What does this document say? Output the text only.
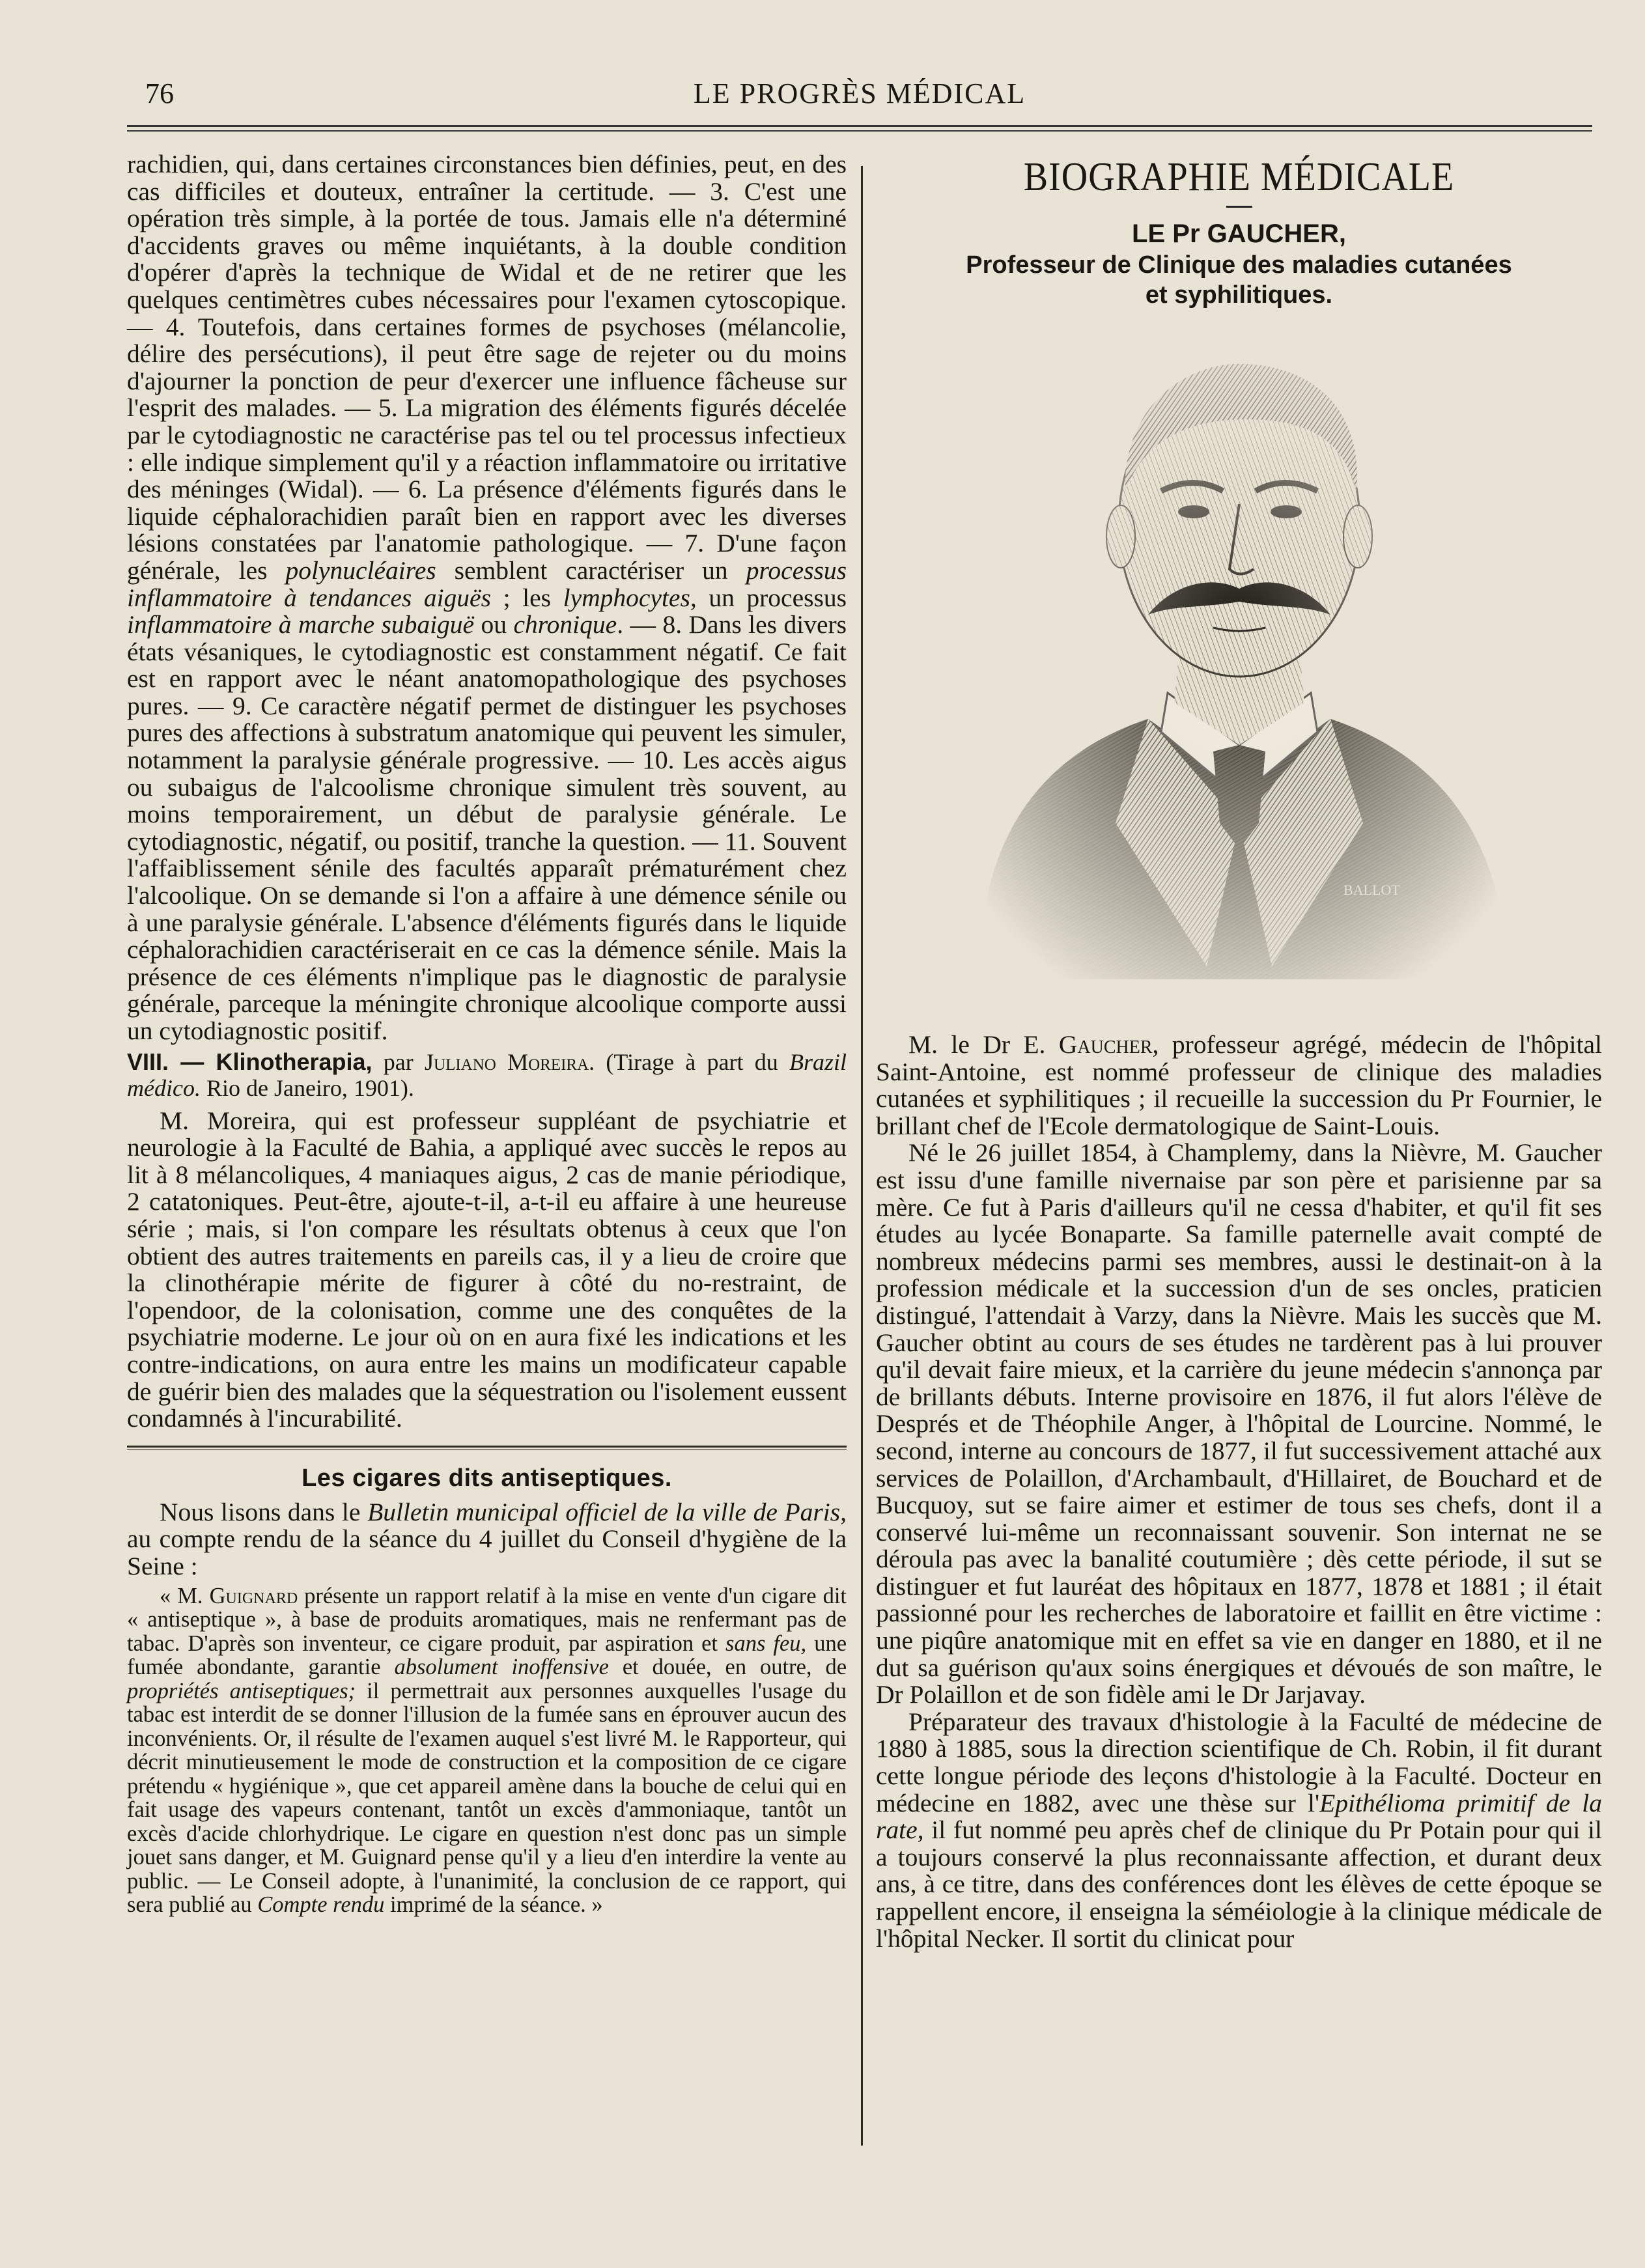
76	LE PROGRÈS MÉDICAL

rachidien, qui, dans certaines circonstances bien définies, peut, en des cas difficiles et douteux, entraîner la certitude. — 3. C'est une opération très simple, à la portée de tous. Jamais elle n'a déterminé d'accidents graves ou même inquiétants, à la double condition d'opérer d'après la technique de Widal et de ne retirer que les quelques centimètres cubes nécessaires pour l'examen cytoscopique. — 4. Toutefois, dans certaines formes de psychoses (mélancolie, délire des persécutions), il peut être sage de rejeter ou du moins d'ajourner la ponction de peur d'exercer une influence fâcheuse sur l'esprit des malades. — 5. La migration des éléments figurés décelée par le cytodiagnostic ne caractérise pas tel ou tel processus infectieux : elle indique simplement qu'il y a réaction inflammatoire ou irritative des méninges (Widal). — 6. La présence d'éléments figurés dans le liquide céphalorachidien paraît bien en rapport avec les diverses lésions constatées par l'anatomie pathologique. — 7. D'une façon générale, les polynucléaires semblent caractériser un processus inflammatoire à tendances aiguës ; les lymphocytes, un processus inflammatoire à marche subaiguë ou chronique. — 8. Dans les divers états vésaniques, le cytodiagnostic est constamment négatif. Ce fait est en rapport avec le néant anatomopathologique des psychoses pures. — 9. Ce caractère négatif permet de distinguer les psychoses pures des affections à substratum anatomique qui peuvent les simuler, notamment la paralysie générale progressive. — 10. Les accès aigus ou subaigus de l'alcoolisme chronique simulent très souvent, au moins temporairement, un début de paralysie générale. Le cytodiagnostic, négatif, ou positif, tranche la question. — 11. Souvent l'affaiblissement sénile des facultés apparaît prématurément chez l'alcoolique. On se demande si l'on a affaire à une démence sénile ou à une paralysie générale. L'absence d'éléments figurés dans le liquide céphalorachidien caractériserait en ce cas la démence sénile. Mais la présence de ces éléments n'implique pas le diagnostic de paralysie générale, parceque la méningite chronique alcoolique comporte aussi un cytodiagnostic positif.

VIII. — Klinotherapia, par Juliano Moreira. (Tirage à part du Brazil médico. Rio de Janeiro, 1901).

M. Moreira, qui est professeur suppléant de psychiatrie et neurologie à la Faculté de Bahia, a appliqué avec succès le repos au lit à 8 mélancoliques, 4 maniaques aigus, 2 cas de manie périodique, 2 catatoniques. Peut-être, ajoute-t-il, a-t-il eu affaire à une heureuse série ; mais, si l'on compare les résultats obtenus à ceux que l'on obtient des autres traitements en pareils cas, il y a lieu de croire que la clinothérapie mérite de figurer à côté du no-restraint, de l'opendoor, de la colonisation, comme une des conquêtes de la psychiatrie moderne. Le jour où on en aura fixé les indications et les contre-indications, on aura entre les mains un modificateur capable de guérir bien des malades que la séquestration ou l'isolement eussent condamnés à l'incurabilité.

Les cigares dits antiseptiques.

Nous lisons dans le Bulletin municipal officiel de la ville de Paris, au compte rendu de la séance du 4 juillet du Conseil d'hygiène de la Seine :

« M. Guignard présente un rapport relatif à la mise en vente d'un cigare dit « antiseptique », à base de produits aromatiques, mais ne renfermant pas de tabac. D'après son inventeur, ce cigare produit, par aspiration et sans feu, une fumée abondante, garantie absolument inoffensive et douée, en outre, de propriétés antiseptiques; il permettrait aux personnes auxquelles l'usage du tabac est interdit de se donner l'illusion de la fumée sans en éprouver aucun des inconvénients. Or, il résulte de l'examen auquel s'est livré M. le Rapporteur, qui décrit minutieusement le mode de construction et la composition de ce cigare prétendu « hygiénique », que cet appareil amène dans la bouche de celui qui en fait usage des vapeurs contenant, tantôt un excès d'ammoniaque, tantôt un excès d'acide chlorhydrique. Le cigare en question n'est donc pas un simple jouet sans danger, et M. Guignard pense qu'il y a lieu d'en interdire la vente au public. — Le Conseil adopte, à l'unanimité, la conclusion de ce rapport, qui sera publié au Compte rendu imprimé de la séance. »

BIOGRAPHIE MÉDICALE
LE Pr GAUCHER,
Professeur de Clinique des maladies cutanées
et syphilitiques.

M. le Dr E. Gaucher, professeur agrégé, médecin de l'hôpital Saint-Antoine, est nommé professeur de clinique des maladies cutanées et syphilitiques ; il recueille la succession du Pr Fournier, le brillant chef de l'Ecole dermatologique de Saint-Louis.

Né le 26 juillet 1854, à Champlemy, dans la Nièvre, M. Gaucher est issu d'une famille nivernaise par son père et parisienne par sa mère. Ce fut à Paris d'ailleurs qu'il ne cessa d'habiter, et qu'il fit ses études au lycée Bonaparte. Sa famille paternelle avait compté de nombreux médecins parmi ses membres, aussi le destinait-on à la profession médicale et la succession d'un de ses oncles, praticien distingué, l'attendait à Varzy, dans la Nièvre. Mais les succès que M. Gaucher obtint au cours de ses études ne tardèrent pas à lui prouver qu'il devait faire mieux, et la carrière du jeune médecin s'annonça par de brillants débuts. Interne provisoire en 1876, il fut alors l'élève de Després et de Théophile Anger, à l'hôpital de Lourcine. Nommé, le second, interne au concours de 1877, il fut successivement attaché aux services de Polaillon, d'Archambault, d'Hillairet, de Bouchard et de Bucquoy, sut se faire aimer et estimer de tous ses chefs, dont il a conservé lui-même un reconnaissant souvenir. Son internat ne se déroula pas avec la banalité coutumière ; dès cette période, il sut se distinguer et fut lauréat des hôpitaux en 1877, 1878 et 1881 ; il était passionné pour les recherches de laboratoire et faillit en être victime : une piqûre anatomique mit en effet sa vie en danger en 1880, et il ne dut sa guérison qu'aux soins énergiques et dévoués de son maître, le Dr Polaillon et de son fidèle ami le Dr Jarjavay.

Préparateur des travaux d'histologie à la Faculté de médecine de 1880 à 1885, sous la direction scientifique de Ch. Robin, il fit durant cette longue période des leçons d'histologie à la Faculté. Docteur en médecine en 1882, avec une thèse sur l'Epithélioma primitif de la rate, il fut nommé peu après chef de clinique du Pr Potain pour qui il a toujours conservé la plus reconnaissante affection, et durant deux ans, à ce titre, dans des conférences dont les élèves de cette époque se rappellent encore, il enseigna la séméiologie à la clinique médicale de l'hôpital Necker. Il sortit du clinicat pour
